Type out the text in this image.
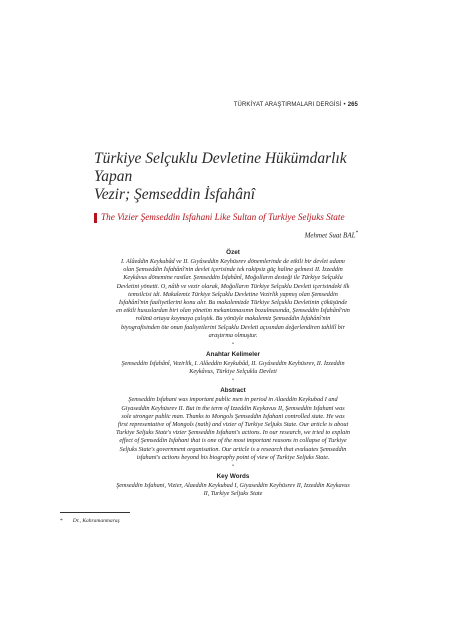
TÜRKİYAT ARAŞTIRMALARI DERGİSİ • 265
Türkiye Selçuklu Devletine Hükümdarlık Yapan
Vezir; Şemseddin İsfahânî
The Vizier Şemseddin Isfahani Like Sultan of Turkiye Seljuks State
Mehmet Suat BAL*
Özet

I. Alâeddin Keykubâd ve II. Gıyâseddin Keyhüsrev dönemlerinde de etkili bir devlet adamı olan Şemseddin İsfahânî'nin devlet içerisinde tek rakipsiz güç haline gelmesi II. İzzeddin Keykâvus dönemine rastlar. Şemseddin İsfahânî, Moğolların desteği ile Türkiye Selçuklu Devletini yönetti. O, nâib ve vezir olarak, Moğolların Türkiye Selçuklu Devleti içerisindeki ilk temsilcisi idi. Makalemiz Türkiye Selçuklu Devletine Vezirlik yapmış olan Şemseddin İsfahânî'nin faaliyetlerini konu alır. Bu makalemizde Türkiye Selçuklu Devletinin çöküşünde en etkili hususlardan biri olan yönetim mekanizmasının bozulmasında, Şemseddin İsfahânî'nin rolünü ortaya koymaya çalıştık. Bu yönüyle makalemiz Şemseddin İsfahânî'nin biyografisinden öte onun faaliyetlerini Selçuklu Devleti açısından değerlendiren tahlilî bir araştırma olmuştur.

•
Anahtar Kelimeler

Şemseddin İsfahânî, Vezirlik, I. Alâeddin Keykubâd, II. Gıyâseddin Keyhüsrev, II. İzzeddin Keykâvus, Türkiye Selçuklu Devleti

•
Abstract

Şemseddin Isfahani was important public men in period in Alaeddin Keykubad I and Giyaseddin Keyhüsrev II. But in the term of Izzeddin Keykavus II, Şemseddin Isfahani was sole stronger public man. Thanks to Mongols Şemseddin Isfahani controlled state. He was first representative of Mongols (naib) and vizier of Turkiye Seljuks State. Our article is about Turkiye Seljuks State's vizier Şemseddin Isfahani's actions. In our research, we tried to explain effect of Şemseddin Isfahani that is one of the most important reasons in collapse of Turkiye Seljuks State's government organisation. Our article is a research that evaluates Şemseddin isfahani's actions beyond his biography point of view of Turkiye Seljuks State.

•
Key Words

Şemseddin Isfahani, Vizier, Alaeddin Keykubad I, Giyaseddin Keyhüsrev II, Izzeddin Keykavus II, Turkiye Seljuks State

* Dr., Kahramanmaraş
